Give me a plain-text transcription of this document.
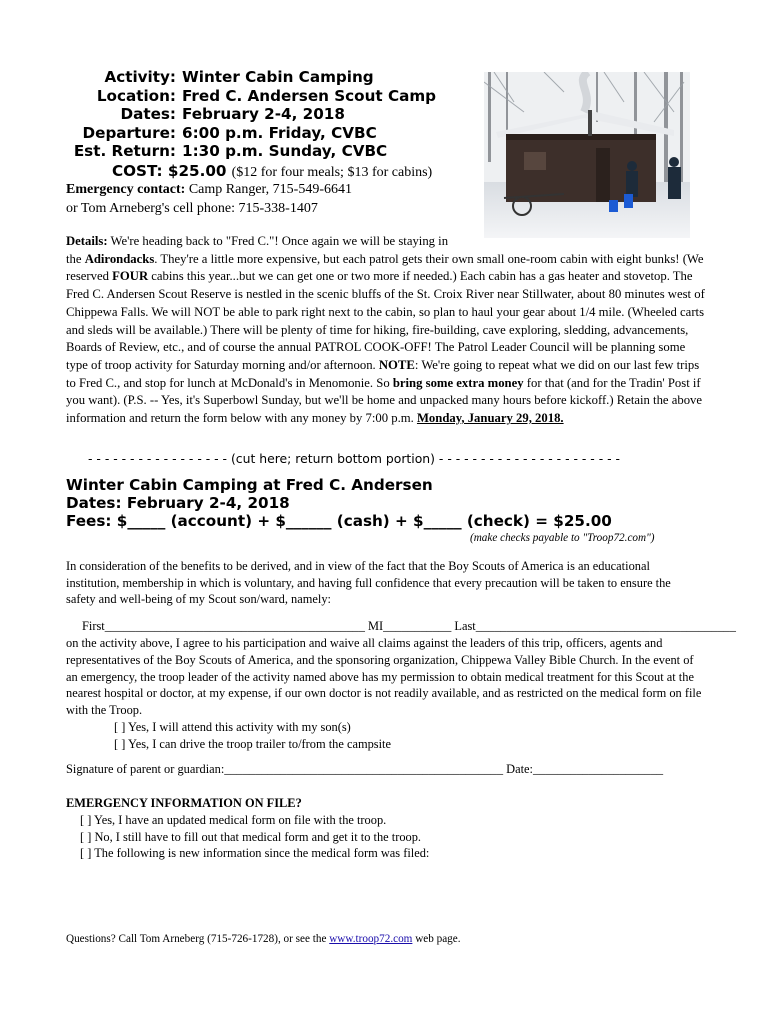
Activity: Winter Cabin Camping
Location: Fred C. Andersen Scout Camp
Dates: February 2-4, 2018
Departure: 6:00 p.m. Friday, CVBC
Est. Return: 1:30 p.m. Sunday, CVBC
COST: $25.00 ($12 for four meals; $13 for cabins)
Emergency contact: Camp Ranger, 715-549-6641
or Tom Arneberg's cell phone: 715-338-1407

Details: We're heading back to "Fred C."! Once again we will be staying in
the Adirondacks. They're a little more expensive, but each patrol gets their own small one-room cabin with eight bunks! (We reserved FOUR cabins this year...but we can get one or two more if needed.) Each cabin has a gas heater and stovetop. The Fred C. Andersen Scout Reserve is nestled in the scenic bluffs of the St. Croix River near Stillwater, about 80 minutes west of Chippewa Falls. We will NOT be able to park right next to the cabin, so plan to haul your gear about 1/4 mile. (Wheeled carts and sleds will be available.) There will be plenty of time for hiking, fire-building, cave exploring, sledding, advancements, Boards of Review, etc., and of course the annual PATROL COOK-OFF! The Patrol Leader Council will be planning some type of troop activity for Saturday morning and/or afternoon. NOTE: We're going to repeat what we did on our last few trips to Fred C., and stop for lunch at McDonald's in Menomonie. So bring some extra money for that (and for the Tradin' Post if you want). (P.S. -- Yes, it's Superbowl Sunday, but we'll be home and unpacked many hours before kickoff.) Retain the above information and return the form below with any money by 7:00 p.m. Monday, January 29, 2018.

- - - - - - - - - - - - - - - - - (cut here; return bottom portion) - - - - - - - - - - - - - - - - - - - - - -
Winter Cabin Camping at Fred C. Andersen
Dates: February 2-4, 2018
Fees: $_____ (account) + $______ (cash) + $_____ (check) = $25.00
(make checks payable to "Troop72.com")
In consideration of the benefits to be derived, and in view of the fact that the Boy Scouts of America is an educational institution, membership in which is voluntary, and having full confidence that every precaution will be taken to ensure the safety and well-being of my Scout son/ward, namely:
First__________________________________________ MI___________ Last__________________________________________
on the activity above, I agree to his participation and waive all claims against the leaders of this trip, officers, agents and representatives of the Boy Scouts of America, and the sponsoring organization, Chippewa Valley Bible Church. In the event of an emergency, the troop leader of the activity named above has my permission to obtain medical treatment for this Scout at the nearest hospital or doctor, at my expense, if our own doctor is not readily available, and as restricted on the medical form on file with the Troop.
[ ] Yes, I will attend this activity with my son(s)
[ ] Yes, I can drive the troop trailer to/from the campsite
Signature of parent or guardian:_____________________________________________ Date:_____________________
EMERGENCY INFORMATION ON FILE?
[ ] Yes, I have an updated medical form on file with the troop.
[ ] No, I still have to fill out that medical form and get it to the troop.
[ ] The following is new information since the medical form was filed:
Questions? Call Tom Arneberg (715-726-1728), or see the www.troop72.com web page.
